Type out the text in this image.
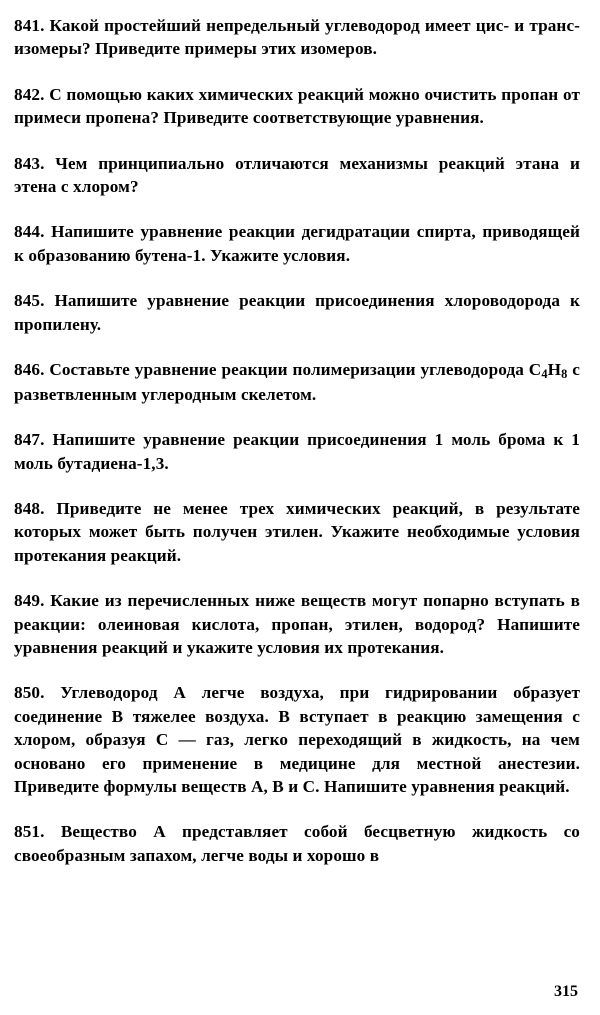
841. Какой простейший непредельный углеводород имеет цис- и транс-изомеры? Приведите примеры этих изомеров.

842. С помощью каких химических реакций можно очистить пропан от примеси пропена? Приведите соответствующие уравнения.

843. Чем принципиально отличаются механизмы реакций этана и этена с хлором?

844. Напишите уравнение реакции дегидратации спирта, приводящей к образованию бутена-1. Укажите условия.

845. Напишите уравнение реакции присоединения хлороводорода к пропилену.

846. Составьте уравнение реакции полимеризации углеводорода $C_4H_8$ с разветвленным углеродным скелетом.

847. Напишите уравнение реакции присоединения 1 моль брома к 1 моль бутадиена-1,3.

848. Приведите не менее трех химических реакций, в результате которых может быть получен этилен. Укажите необходимые условия протекания реакций.

849. Какие из перечисленных ниже веществ могут попарно вступать в реакции: олеиновая кислота, пропан, этилен, водород? Напишите уравнения реакций и укажите условия их протекания.

850. Углеводород А легче воздуха, при гидрировании образует соединение В тяжелее воздуха. В вступает в реакцию замещения с хлором, образуя С — газ, легко переходящий в жидкость, на чем основано его применение в медицине для местной анестезии. Приведите формулы веществ А, В и С. Напишите уравнения реакций.

851. Вещество А представляет собой бесцветную жидкость со своеобразным запахом, легче воды и хорошо в

315
